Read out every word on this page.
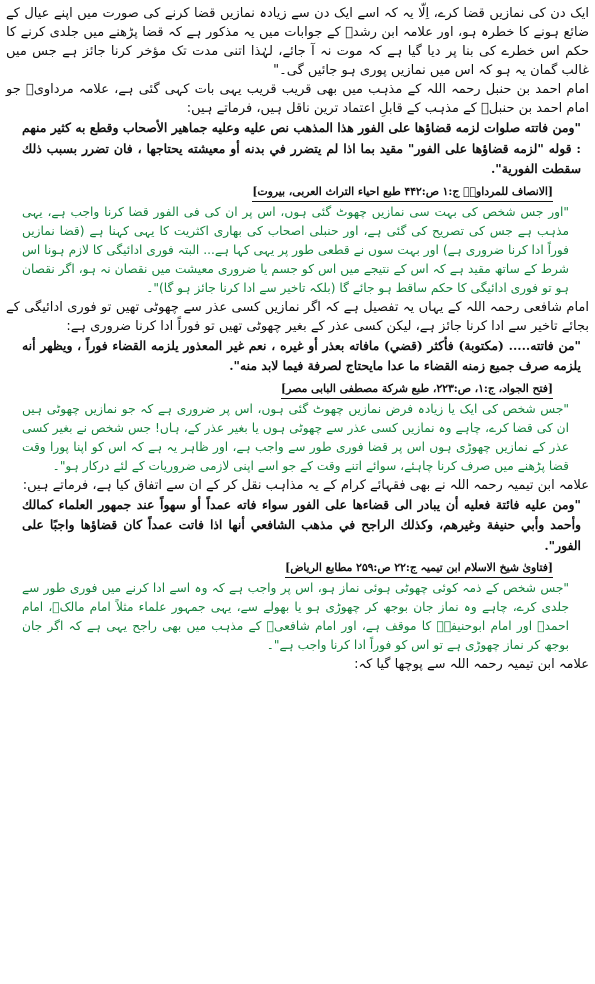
ایک دن کی نمازیں قضا کرے، اِلّا یہ کہ اسے ایک دن سے زیادہ نمازیں قضا کرنے کی صورت میں اپنے عیال کے ضائع ہونے کا خطرہ ہو، اور علامہ ابن رشدؒ کے جوابات میں یہ مذکور ہے کہ قضا پڑھنے میں جلدی کرنے کا حکم اس خطرے کی بنا پر دیا گیا ہے کہ موت نہ آ جائے، لہٰذا اتنی مدت تک مؤخر کرنا جائز ہے جس میں غالب گمان یہ ہو کہ اس میں نمازیں پوری ہو جائیں گی۔"
امام احمد بن حنبل رحمہ اللہ کے مذہب میں بھی قریب قریب یہی بات کہی گئی ہے، علامہ مرداویؒ جو امام احمد بن حنبلؒ کے مذہب کے قابلِ اعتماد ترین ناقل ہیں، فرماتے ہیں:
"ومن فاتته صلوات لزمه قضاؤها على الفور هذا المذهب نص عليه وعليه جماهير الأصحاب وقطع به كثير منهم : قوله "لزمه قضاؤها على الفور" مقيد بما اذا لم يتضرر في بدنه أو معيشته يحتاجها ، فان تضرر بسبب ذلك سقطت الفورية".
[الانصاف للمرداويؒ ج:۱ ص:۴۴۲ طبع احیاء التراث العربی، بیروت]
"اور جس شخص کی بہت سی نمازیں چھوٹ گئی ہوں، اس پر ان کی فی الفور قضا کرنا واجب ہے، یہی مذہب ہے جس کی تصریح کی گئی ہے، اور حنبلی اصحاب کی بھاری اکثریت کا یہی کہنا ہے (قضا نمازیں فوراً ادا کرنا ضروری ہے) اور بہت سوں نے قطعی طور پر یہی کہا ہے... البتہ فوری ادائیگی کا لازم ہونا اس شرط کے ساتھ مقید ہے کہ اس کے نتیجے میں اس کو جسم یا ضروری معیشت میں نقصان نہ ہو، اگر نقصان ہو تو فوری ادائیگی کا حکم ساقط ہو جائے گا (بلکہ تاخیر سے ادا کرنا جائز ہو گا)"۔
امام شافعی رحمہ اللہ کے یہاں یہ تفصیل ہے کہ اگر نمازیں کسی عذر سے چھوٹی تھیں تو فوری ادائیگی کے بجائے تاخیر سے ادا کرنا جائز ہے، لیکن کسی عذر کے بغیر چھوٹی تھیں تو فوراً ادا کرنا ضروری ہے:
"من فاتته..... (مكتوبة) فأكثر (قضي) مافاته بعذر أو غيره ، نعم غير المعذور يلزمه القضاء فوراً ، ويظهر أنه يلزمه صرف جميع زمنه القضاء ما عدا مايحتاج لصرفة فيما لابد منه".
[فتح الجواد، ج:۱، ص:۲۲۳، طبع شرکة مصطفی البابی مصر]
"جس شخص کی ایک یا زیادہ فرض نمازیں چھوٹ گئی ہوں، اس پر ضروری ہے کہ جو نمازیں چھوٹی ہیں ان کی قضا کرے، چاہے وہ نمازیں کسی عذر سے چھوٹی ہوں یا بغیر عذر کے، ہاں! جس شخص نے بغیر کسی عذر کے نمازیں چھوڑی ہوں اس پر قضا فوری طور سے واجب ہے، اور ظاہر یہ ہے کہ اس کو اپنا پورا وقت قضا پڑھنے میں صرف کرنا چاہئے، سوائے اتنے وقت کے جو اسے اپنی لازمی ضروریات کے لئے درکار ہو"۔
علامہ ابن تیمیہ رحمہ اللہ نے بھی فقہائے کرام کے یہ مذاہب نقل کر کے ان سے اتفاق کیا ہے، فرماتے ہیں:
"ومن عليه فائتة فعليه أن يبادر الى قضاءها على الفور سواء فاته عمداً أو سهواً عند جمهور العلماء كمالك وأحمد وأبي حنيفة وغيرهم، وكذلك الراجح في مذهب الشافعي أنها اذا فاتت عمداً كان قضاؤها واجبًا على الفور".
[فتاویٰ شیخ الاسلام ابن تیمیہ ج:۲۲ ص:۲۵۹ مطابع الریاض]
"جس شخص کے ذمہ کوئی چھوٹی ہوئی نماز ہو، اس پر واجب ہے کہ وہ اسے ادا کرنے میں فوری طور سے جلدی کرے، چاہے وہ نماز جان بوجھ کر چھوڑی ہو یا بھولے سے، یہی جمہور علماء مثلاً امام مالکؒ، امام احمدؒ اور امام ابوحنیفہؒ کا موقف ہے، اور امام شافعیؒ کے مذہب میں بھی راجح یہی ہے کہ اگر جان بوجھ کر نماز چھوڑی ہے تو اس کو فوراً ادا کرنا واجب ہے"۔
علامہ ابن تیمیہ رحمہ اللہ سے پوچھا گیا کہ:
